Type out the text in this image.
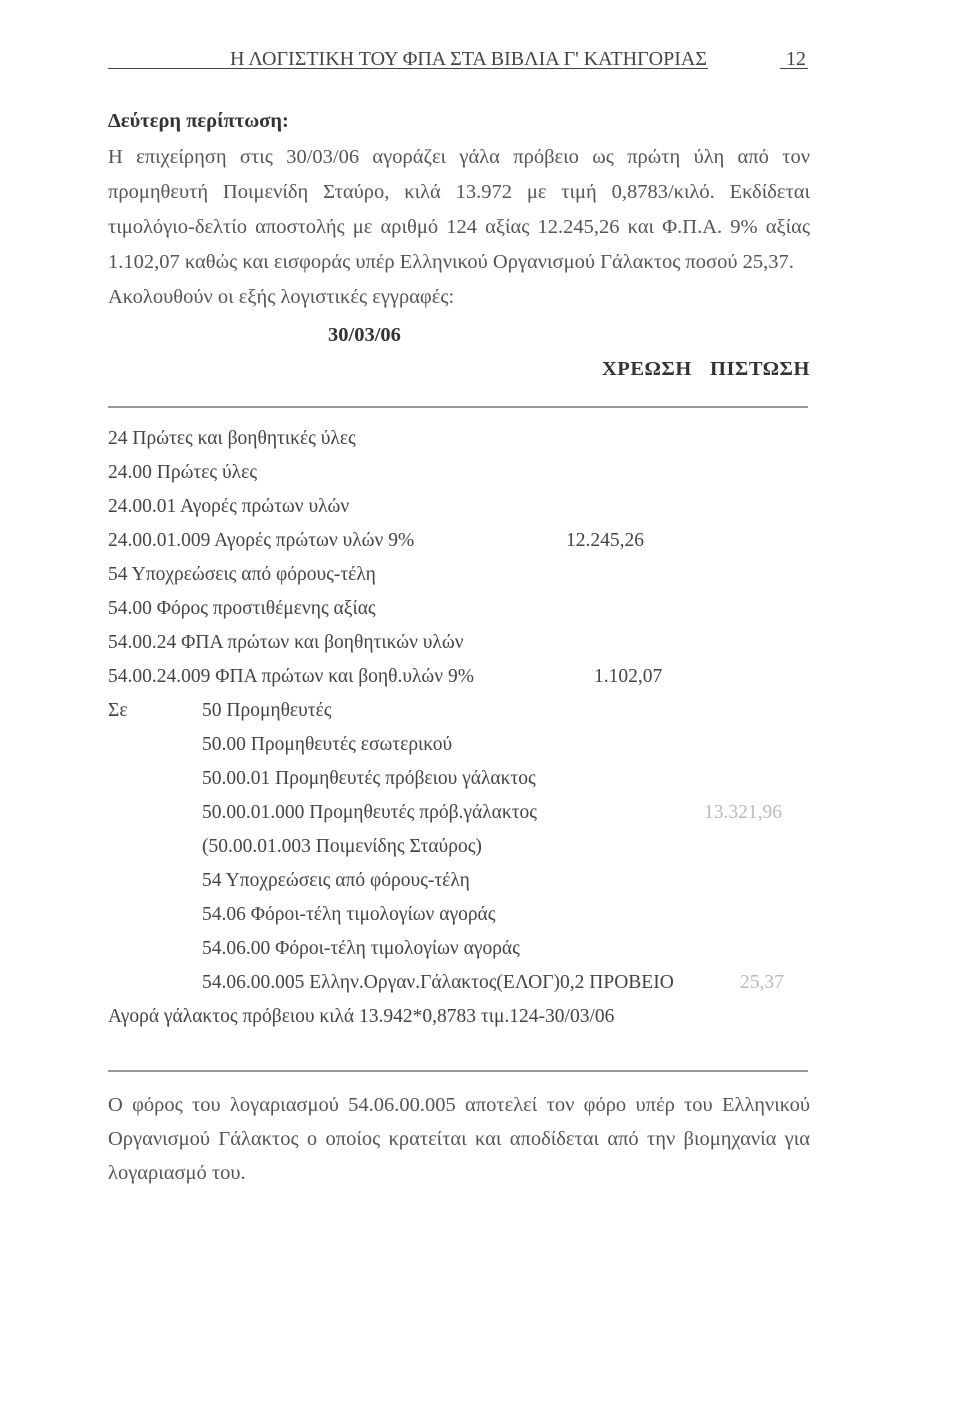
Η ΛΟΓΙΣΤΙΚΗ ΤΟΥ ΦΠΑ ΣΤΑ ΒΙΒΛΙΑ Γ' ΚΑΤΗΓΟΡΙΑΣ	12
Δεύτερη περίπτωση:
Η επιχείρηση στις 30/03/06 αγοράζει γάλα πρόβειο ως πρώτη ύλη από τον
προμηθευτή Ποιμενίδη Σταύρο, κιλά 13.972 με τιμή 0,8783/κιλό. Εκδίδεται
τιμολόγιο-δελτίο αποστολής με αριθμό 124 αξίας 12.245,26 και Φ.Π.Α. 9% αξίας
1.102,07 καθώς και εισφοράς υπέρ Ελληνικού Οργανισμού Γάλακτος ποσού 25,37.
Ακολουθούν οι εξής λογιστικές εγγραφές:
30/03/06
ΧΡΕΩΣΗ ΠΙΣΤΩΣΗ
24 Πρώτες και βοηθητικές ύλες
24.00 Πρώτες ύλες
24.00.01 Αγορές πρώτων υλών
24.00.01.009 Αγορές πρώτων υλών 9%	12.245,26
54 Υποχρεώσεις από φόρους-τέλη
54.00 Φόρος προστιθέμενης αξίας
54.00.24 ΦΠΑ πρώτων και βοηθητικών υλών
54.00.24.009 ΦΠΑ πρώτων και βοηθ.υλών 9%	1.102,07
Σε	50 Προμηθευτές
50.00 Προμηθευτές εσωτερικού
50.00.01 Προμηθευτές πρόβειου γάλακτος
50.00.01.000 Προμηθευτές πρόβ.γάλακτος	13.321,96
(50.00.01.003 Ποιμενίδης Σταύρος)
54 Υποχρεώσεις από φόρους-τέλη
54.06 Φόροι-τέλη τιμολογίων αγοράς
54.06.00 Φόροι-τέλη τιμολογίων αγοράς
54.06.00.005 Ελλην.Οργαν.Γάλακτος(ΕΛΟΓ)0,2 ΠΡΟΒΕΙΟ	25,37
Αγορά γάλακτος πρόβειου κιλά 13.942*0,8783 τιμ.124-30/03/06
Ο φόρος του λογαριασμού 54.06.00.005 αποτελεί τον φόρο υπέρ του Ελληνικού
Οργανισμού Γάλακτος ο οποίος κρατείται και αποδίδεται από την βιομηχανία για
λογαριασμό του.
